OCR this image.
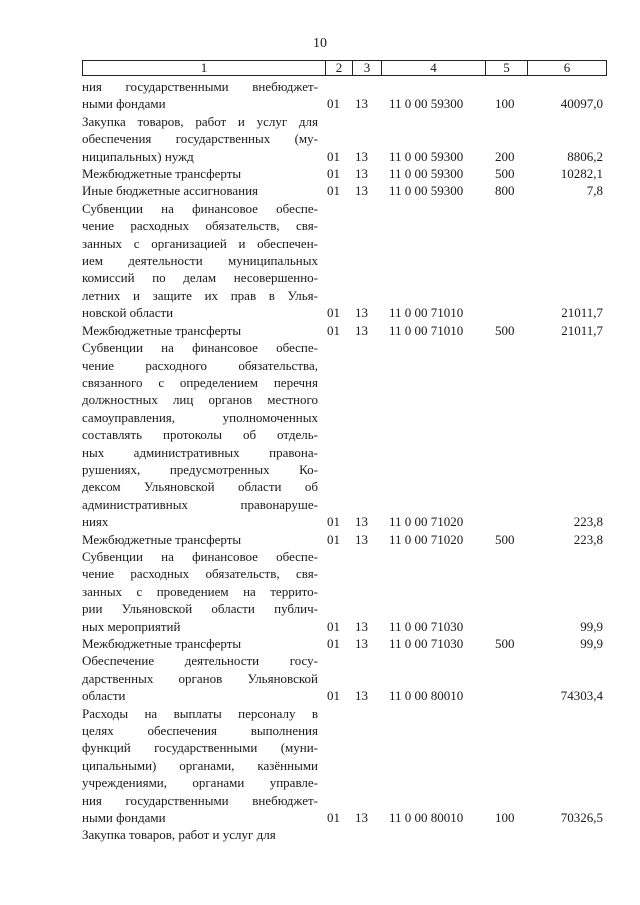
10
1	2	3	4	5	6
ния государственными внебюджет-
ными фондами	01 13 11 0 00 59300 100	40097,0
Закупка товаров, работ и услуг для
обеспечения государственных (му-
ниципальных) нужд	01 13 11 0 00 59300 200	8806,2
Межбюджетные трансферты	01 13 11 0 00 59300 500	10282,1
Иные бюджетные ассигнования	01 13 11 0 00 59300 800	7,8
Субвенции на финансовое обеспе-
чение расходных обязательств, свя-
занных с организацией и обеспечен-
ием деятельности муниципальных
комиссий по делам несовершенно-
летних и защите их прав в Улья-
новской области	01 13 11 0 00 71010	21011,7
Межбюджетные трансферты	01 13 11 0 00 71010 500	21011,7
Субвенции на финансовое обеспе-
чение расходного обязательства,
связанного с определением перечня
должностных лиц органов местного
самоуправления, уполномоченных
составлять протоколы об отдель-
ных административных правона-
рушениях, предусмотренных Ко-
дексом Ульяновской области об
административных правонаруше-
ниях	01 13 11 0 00 71020	223,8
Межбюджетные трансферты	01 13 11 0 00 71020 500	223,8
Субвенции на финансовое обеспе-
чение расходных обязательств, свя-
занных с проведением на террито-
рии Ульяновской области публич-
ных мероприятий	01 13 11 0 00 71030	99,9
Межбюджетные трансферты	01 13 11 0 00 71030 500	99,9
Обеспечение деятельности госу-
дарственных органов Ульяновской
области	01 13 11 0 00 80010	74303,4
Расходы на выплаты персоналу в
целях обеспечения выполнения
функций государственными (муни-
ципальными) органами, казёнными
учреждениями, органами управле-
ния государственными внебюджет-
ными фондами	01 13 11 0 00 80010 100	70326,5
Закупка товаров, работ и услуг для
